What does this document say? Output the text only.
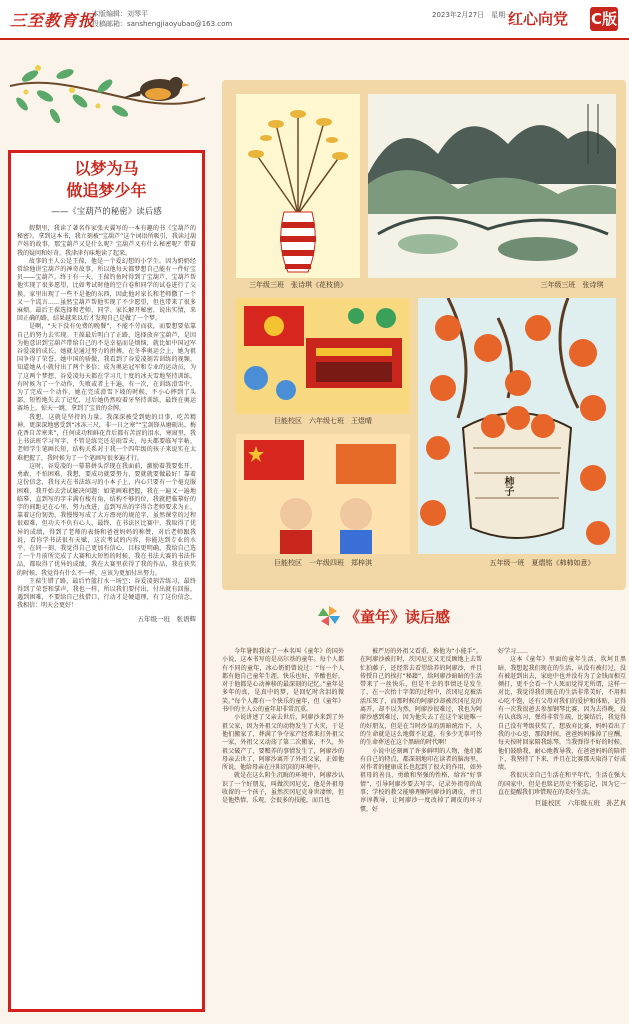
三至教育报
本版编辑：刘琴平
投稿邮箱：sanshengjiaoyubao@163.com
2023年2月27日　星期一
红心向党 C版
以梦为马
做追梦少年
——《宝葫芦的秘密》读后感

假期里，我读了著名作家张天翼写的一本有趣的书《宝葫芦的秘密》。拿到这本书，我立刻被“宝葫芦”这个词语所吸引，我读过葫芦娃的故事，那宝葫芦又是什么呢？宝葫芦又有什么秘密呢？带着我的疑问和好奇，我津津有味地读了起来。

故事的主人公是王葆，他是一个爱幻想的小学生。因为奶奶经常给他讲宝葫芦的神奇故事，所以他每天都梦想自己能有一件好宝贝——宝葫芦。终于有一天，王葆钓鱼时得到了宝葫芦，宝葫芦帮他实现了很多愿望，比如考试时他的空白卷和同学的试卷进行了交换，家里出现了一些不是他的东西，因此他对家长和老师撒了一个又一个谎言……虽然宝葫芦帮他实现了不少愿望，但也带来了很多麻烦。最后王葆选择和老师、同学、家长解开秘密，说出实情，来回正确的路，结果越来以后才发现自己是做了一个梦。

是啊，“天下没有免费的晚餐”，不能不劳而获，而要想要依靠自己的努力去实现。王葆最后明白了正路，选择放弃宝葫芦，是因为他意识到宝葫芦带给自己的不是幸福而是烦恼，就比如中国冠军谷爱凌的成长，她就是通过努力的拼搏，在冬季奥运会上，她为祖国争得了荣誉，她中国的骄傲，我看到了谷爱凌刻苦训练的视频，知道她从小就付出了两个多倍；成为奥运冠军和专业的运动员，为了这两个梦想，谷爱凌每天都在学习几十度的冰天雪地坚持训练。有时候为了一个动作，失败或者上千遍，有一次，在训练滑雪中，为了完成一个动作，她在完成滑雪下坡的时候，不小心摔到了头部，短暂地失去了记忆，过后她仍然咬着牙坚持训练，最终在奥运赛场上，惊天一跳，拿到了宝贵的金牌。

我想，这就是坚持的力量。我深深被受到她的目事，吃苦精神，更深深地感受到“冰冻三尺，非一日之寒”“宝剑锋从磨砺出，梅花香自苦寒来”，任何成功和鲜花背后都有苦涩的泪水，寒窗里，我上书法班学习写字，不管是练完还是雨雪天，每天都要临写字帖，老师学生笔画长短，结构关系对于我一个四年级的孩子来说实在太难把握了，我时候为了一个笔画写很多遍才行。

这时，谷爱凌的一幕幕拼头浮现在我面前，激励着我要张开，勇敢、不怕困难，我想，要成功就要努力，要就就要做最好！靠着这份信念，我每天在书法练习的小本子上，内心只要有一个毫克服困难，我开始去尝试解决问题：如笔画难把握，我在一遍又一遍地临摹，直到写的字丰满有棱有角，结构不够的位，我就把临摹好的字的间距记在心里，努力改进，直到写出的字得合老师要求为止，靠着这份韧劲，我慢慢写成了大方漂亮的规范字，虽然课堂的过程很艰难，但功夫不负有心人，最终，在书法区比赛中，我取得了优异的成绩，得到了老师的表扬和爸爸妈妈的称赞，对后老师跟我说，看你学书法很有天赋，这次考试的内容，你能达到专业的水平，在同一刻，我觉得自己更加有信心，目标更明确，我给自己选了一个月前所完成了大赛和大短暂的时候，我在书法大赛的书法作品，都取得了优异的成绩，我在大赛里获得了我的作品，我在获奖的时候，我觉得有什么不一样，应该为更加付出努力。

王葆生错了路，最后竹篮打水一场空；谷爱凌刻苦练习，最终得到了荣誉和掌声，我也一样，所以我们要付出，付出就有回报，遇到困难，不要给自己找借口，行动才是硬道理，有了这份信念，我相信：明天会更好！

五年级一班　张语辉
三年级三班　张诗琪《花枝俏》	三年级三班　张诗琪
巨能校区　六年级七班　王煜晴
巨能校区　一年级四班　郑梓淇
柿子
五年级一班　夏熠铭《柿柿如意》
《童年》读后感

今年暑假我读了一本名叫《童年》的国外小说，这本书写的是高尔基的童年。每个人都有不同的童年，冰心奶奶曾说过：“每一个人都有他自己童年生涯，快乐也好，辛酸也好，对于他都是心动神移的最深刻的记忆。”童年是多年的真，是真中的梦，是回忆时含泪的微笑。”每个人都有一个快乐的童年，但《童年》书中的主人公的童年却非常沉重。

小说讲述了父亲去世后，阿廖沙来到了外祖父家，因为外祖父的动物发生了火灾，于是他们搬家了，葬满了争夺家产经常来打外祖父一家，外祖父又动荡了第二次搬家，不久，外祖父破产了，要赡养的事情发生了，阿廖沙的母亲去世了，阿廖沙离开了外祖父家，正如他所说，他给母亲在庄阳沉闷的环境中。

就是在这么阴生沉晦的环境中，阿廖沙认识了一个好朋友，叫做茨冈尼克，他是外祖母收留的一个孩子，虽然茨冈尼克身世凄惨，但是他热情、乐观，会很多的技能，而且也

被严厉的外祖父看重，称他为“小能手”。在阿廖沙被打时，茨冈尼克又无反顾地上去帮忙拍藤子，还经常去看望给养的阿廖沙，并且传授自己的挨打“秘籍”，给阿廖沙暗暗的生活带来了一丝快乐，但是不幸的事情还是发生了，在一次抬十字架的过程中，茨冈尼克被活活压死了，而那时候的阿廖沙却被茨冈尼克的离开，却不以为然，阿廖沙很难过，我也为阿廖沙感到难过，因为他失去了在这个家庭唯一的好朋友，但是在当时沙皇的黑暗统治下，人的生命就是这么地微不足道，有多少无辜可怜的生命葬送在这个黑暗的时代啊！

小说中还刻画了许多鲜明的人物，他们都有自己的特点，都深刻地印在读者的脑海里，对作者的健康成长也起到了很大的作用，如外祖母的善良、勇敢和坚强的性格，给容“好事情”，引导阿廖沙要去写字，记录外祖母的故事；学校的教父能够理解阿廖沙的调皮，并且谆谆教导，让阿廖沙一度改掉了调皮的坏习惯，好

好学习……

这本《童年》里面的童年生活，坎坷且黑暗，我想起我们现在的生活，从没有被打过，没有被赶到出去，家庭中也并没有为了金钱而相互倾打，更不会看一个人死而觉得无所谓，这样一对比，我觉得我们现在的生活非常美好，不用担心吃不饱，还有父母对我们的爱护和体贴，记得有一次我很爸去参加钢琴比赛，因为去得晚，没有认真练习，弹得非常生疏，比赛结后，我觉得自己没有考级获奖了，想放弃比赛，妈妈看出了我的小心思，那段时间，爸爸妈妈推掉了应酬，每天按时回家陪我练琴，当我弹得不好的时候，他们鼓励我，耐心地教导我，在爸爸妈妈的陪伴下，我坚持了下来，并且在比赛那天取得了好成绩。

我很庆幸自己生活在和平年代，生活在强大的国家中，但是也铭记历史不能忘记，因为它一直在提醒我们珍惜现在的美好生活。

巨能校区　六年级五班　孙艺真
